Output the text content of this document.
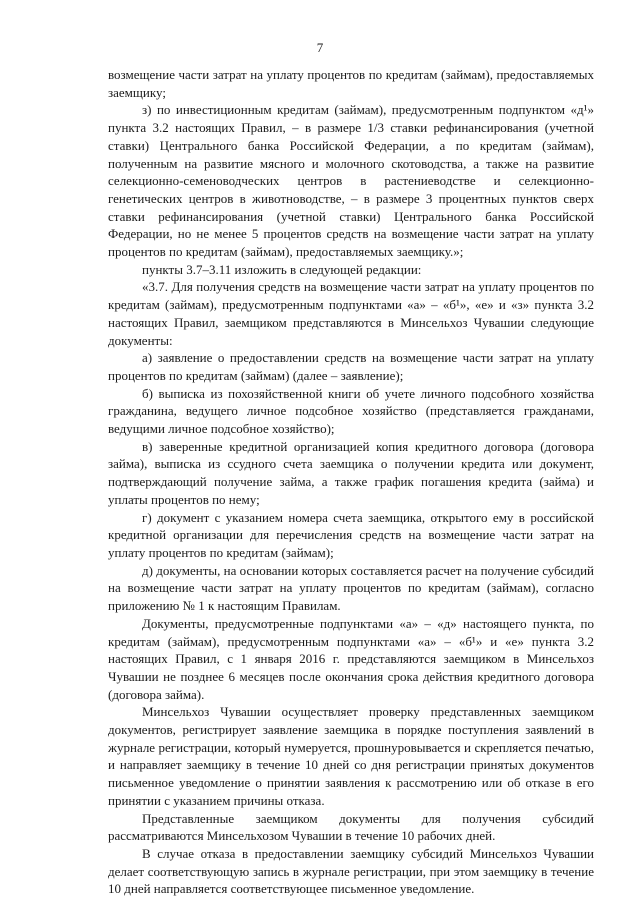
7

возмещение части затрат на уплату процентов по кредитам (займам), предоставляемых заемщику;

з) по инвестиционным кредитам (займам), предусмотренным подпунктом «д¹» пункта 3.2 настоящих Правил, – в размере 1/3 ставки рефинансирования (учетной ставки) Центрального банка Российской Федерации, а по кредитам (займам), полученным на развитие мясного и молочного скотоводства, а также на развитие селекционно-семеноводческих центров в растениеводстве и селекционно-генетических центров в животноводстве, – в размере 3 процентных пунктов сверх ставки рефинансирования (учетной ставки) Центрального банка Российской Федерации, но не менее 5 процентов средств на возмещение части затрат на уплату процентов по кредитам (займам), предоставляемых заемщику.»;

пункты 3.7–3.11 изложить в следующей редакции:

«3.7. Для получения средств на возмещение части затрат на уплату процентов по кредитам (займам), предусмотренным подпунктами «а» – «б¹», «е» и «з» пункта 3.2 настоящих Правил, заемщиком представляются в Минсельхоз Чувашии следующие документы:

а) заявление о предоставлении средств на возмещение части затрат на уплату процентов по кредитам (займам) (далее – заявление);

б) выписка из похозяйственной книги об учете личного подсобного хозяйства гражданина, ведущего личное подсобное хозяйство (представляется гражданами, ведущими личное подсобное хозяйство);

в) заверенные кредитной организацией копия кредитного договора (договора займа), выписка из ссудного счета заемщика о получении кредита или документ, подтверждающий получение займа, а также график погашения кредита (займа) и уплаты процентов по нему;

г) документ с указанием номера счета заемщика, открытого ему в российской кредитной организации для перечисления средств на возмещение части затрат на уплату процентов по кредитам (займам);

д) документы, на основании которых составляется расчет на получение субсидий на возмещение части затрат на уплату процентов по кредитам (займам), согласно приложению № 1 к настоящим Правилам.

Документы, предусмотренные подпунктами «а» – «д» настоящего пункта, по кредитам (займам), предусмотренным подпунктами «а» – «б¹» и «е» пункта 3.2 настоящих Правил, с 1 января 2016 г. представляются заемщиком в Минсельхоз Чувашии не позднее 6 месяцев после окончания срока действия кредитного договора (договора займа).

Минсельхоз Чувашии осуществляет проверку представленных заемщиком документов, регистрирует заявление заемщика в порядке поступления заявлений в журнале регистрации, который нумеруется, прошнуровывается и скрепляется печатью, и направляет заемщику в течение 10 дней со дня регистрации принятых документов письменное уведомление о принятии заявления к рассмотрению или об отказе в его принятии с указанием причины отказа.

Представленные заемщиком документы для получения субсидий рассматриваются Минсельхозом Чувашии в течение 10 рабочих дней.

В случае отказа в предоставлении заемщику субсидий Минсельхоз Чувашии делает соответствующую запись в журнале регистрации, при этом заемщику в течение 10 дней направляется соответствующее письменное уведомление.
